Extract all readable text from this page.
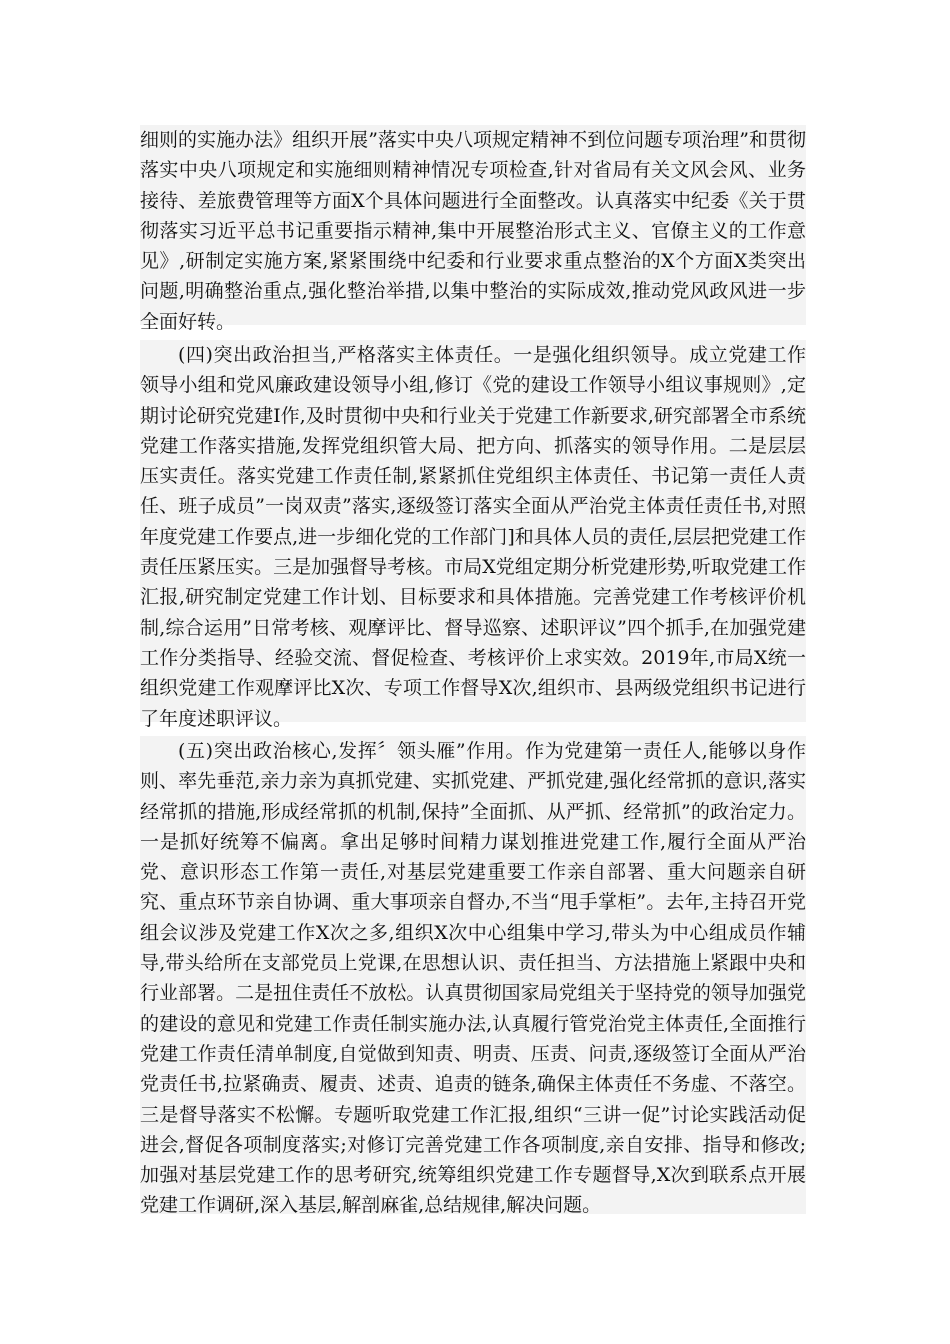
细则的实施办法》组织开展”落实中央八项规定精神不到位问题专项治理”和贯彻落实中央八项规定和实施细则精神情况专项检查,针对省局有关文风会风、业务接待、差旅费管理等方面X个具体问题进行全面整改。认真落实中纪委《关于贯彻落实习近平总书记重要指示精神,集中开展整治形式主义、官僚主义的工作意见》,研制定实施方案,紧紧围绕中纪委和行业要求重点整治的X个方面X类突出问题,明确整治重点,强化整治举措,以集中整治的实际成效,推动党风政风进一步全面好转。

(四)突出政治担当,严格落实主体责任。一是强化组织领导。成立党建工作领导小组和党风廉政建设领导小组,修订《党的建设工作领导小组议事规则》,定期讨论研究党建Ⅰ作,及时贯彻中央和行业关于党建工作新要求,研究部署全市系统党建工作落实措施,发挥党组织管大局、把方向、抓落实的领导作用。二是层层压实责任。落实党建工作责任制,紧紧抓住党组织主体责任、书记第一责任人责任、班子成员”一岗双责”落实,逐级签订落实全面从严治党主体责任责任书,对照年度党建工作要点,进一步细化党的工作部门]和具体人员的责任,层层把党建工作责任压紧压实。三是加强督导考核。市局X党组定期分析党建形势,听取党建工作汇报,研究制定党建工作计划、目标要求和具体措施。完善党建工作考核评价机制,综合运用”日常考核、观摩评比、督导巡察、述职评议”四个抓手,在加强党建工作分类指导、经验交流、督促检查、考核评价上求实效。2019年,市局X统一组织党建工作观摩评比X次、专项工作督导X次,组织市、县两级党组织书记进行了年度述职评议。

(五)突出政治核心,发挥〞领头雁”作用。作为党建第一责任人,能够以身作则、率先垂范,亲力亲为真抓党建、实抓党建、严抓党建,强化经常抓的意识,落实经常抓的措施,形成经常抓的机制,保持”全面抓、从严抓、经常抓”的政治定力。一是抓好统筹不偏离。拿出足够时间精力谋划推进党建工作,履行全面从严治党、意识形态工作第一责任,对基层党建重要工作亲自部署、重大问题亲自研究、重点环节亲自协调、重大事项亲自督办,不当“甩手掌柜”。去年,主持召开党组会议涉及党建工作X次之多,组织X次中心组集中学习,带头为中心组成员作辅导,带头给所在支部党员上党课,在思想认识、责任担当、方法措施上紧跟中央和行业部署。二是扭住责任不放松。认真贯彻国家局党组关于坚持党的领导加强党的建设的意见和党建工作责任制实施办法,认真履行管党治党主体责任,全面推行党建工作责任清单制度,自觉做到知责、明责、压责、问责,逐级签订全面从严治党责任书,拉紧确责、履责、述责、追责的链条,确保主体责任不务虚、不落空。三是督导落实不松懈。专题听取党建工作汇报,组织“三讲一促”讨论实践活动促进会,督促各项制度落实;对修订完善党建工作各项制度,亲自安排、指导和修改;加强对基层党建工作的思考研究,统筹组织党建工作专题督导,X次到联系点开展党建工作调研,深入基层,解剖麻雀,总结规律,解决问题。
